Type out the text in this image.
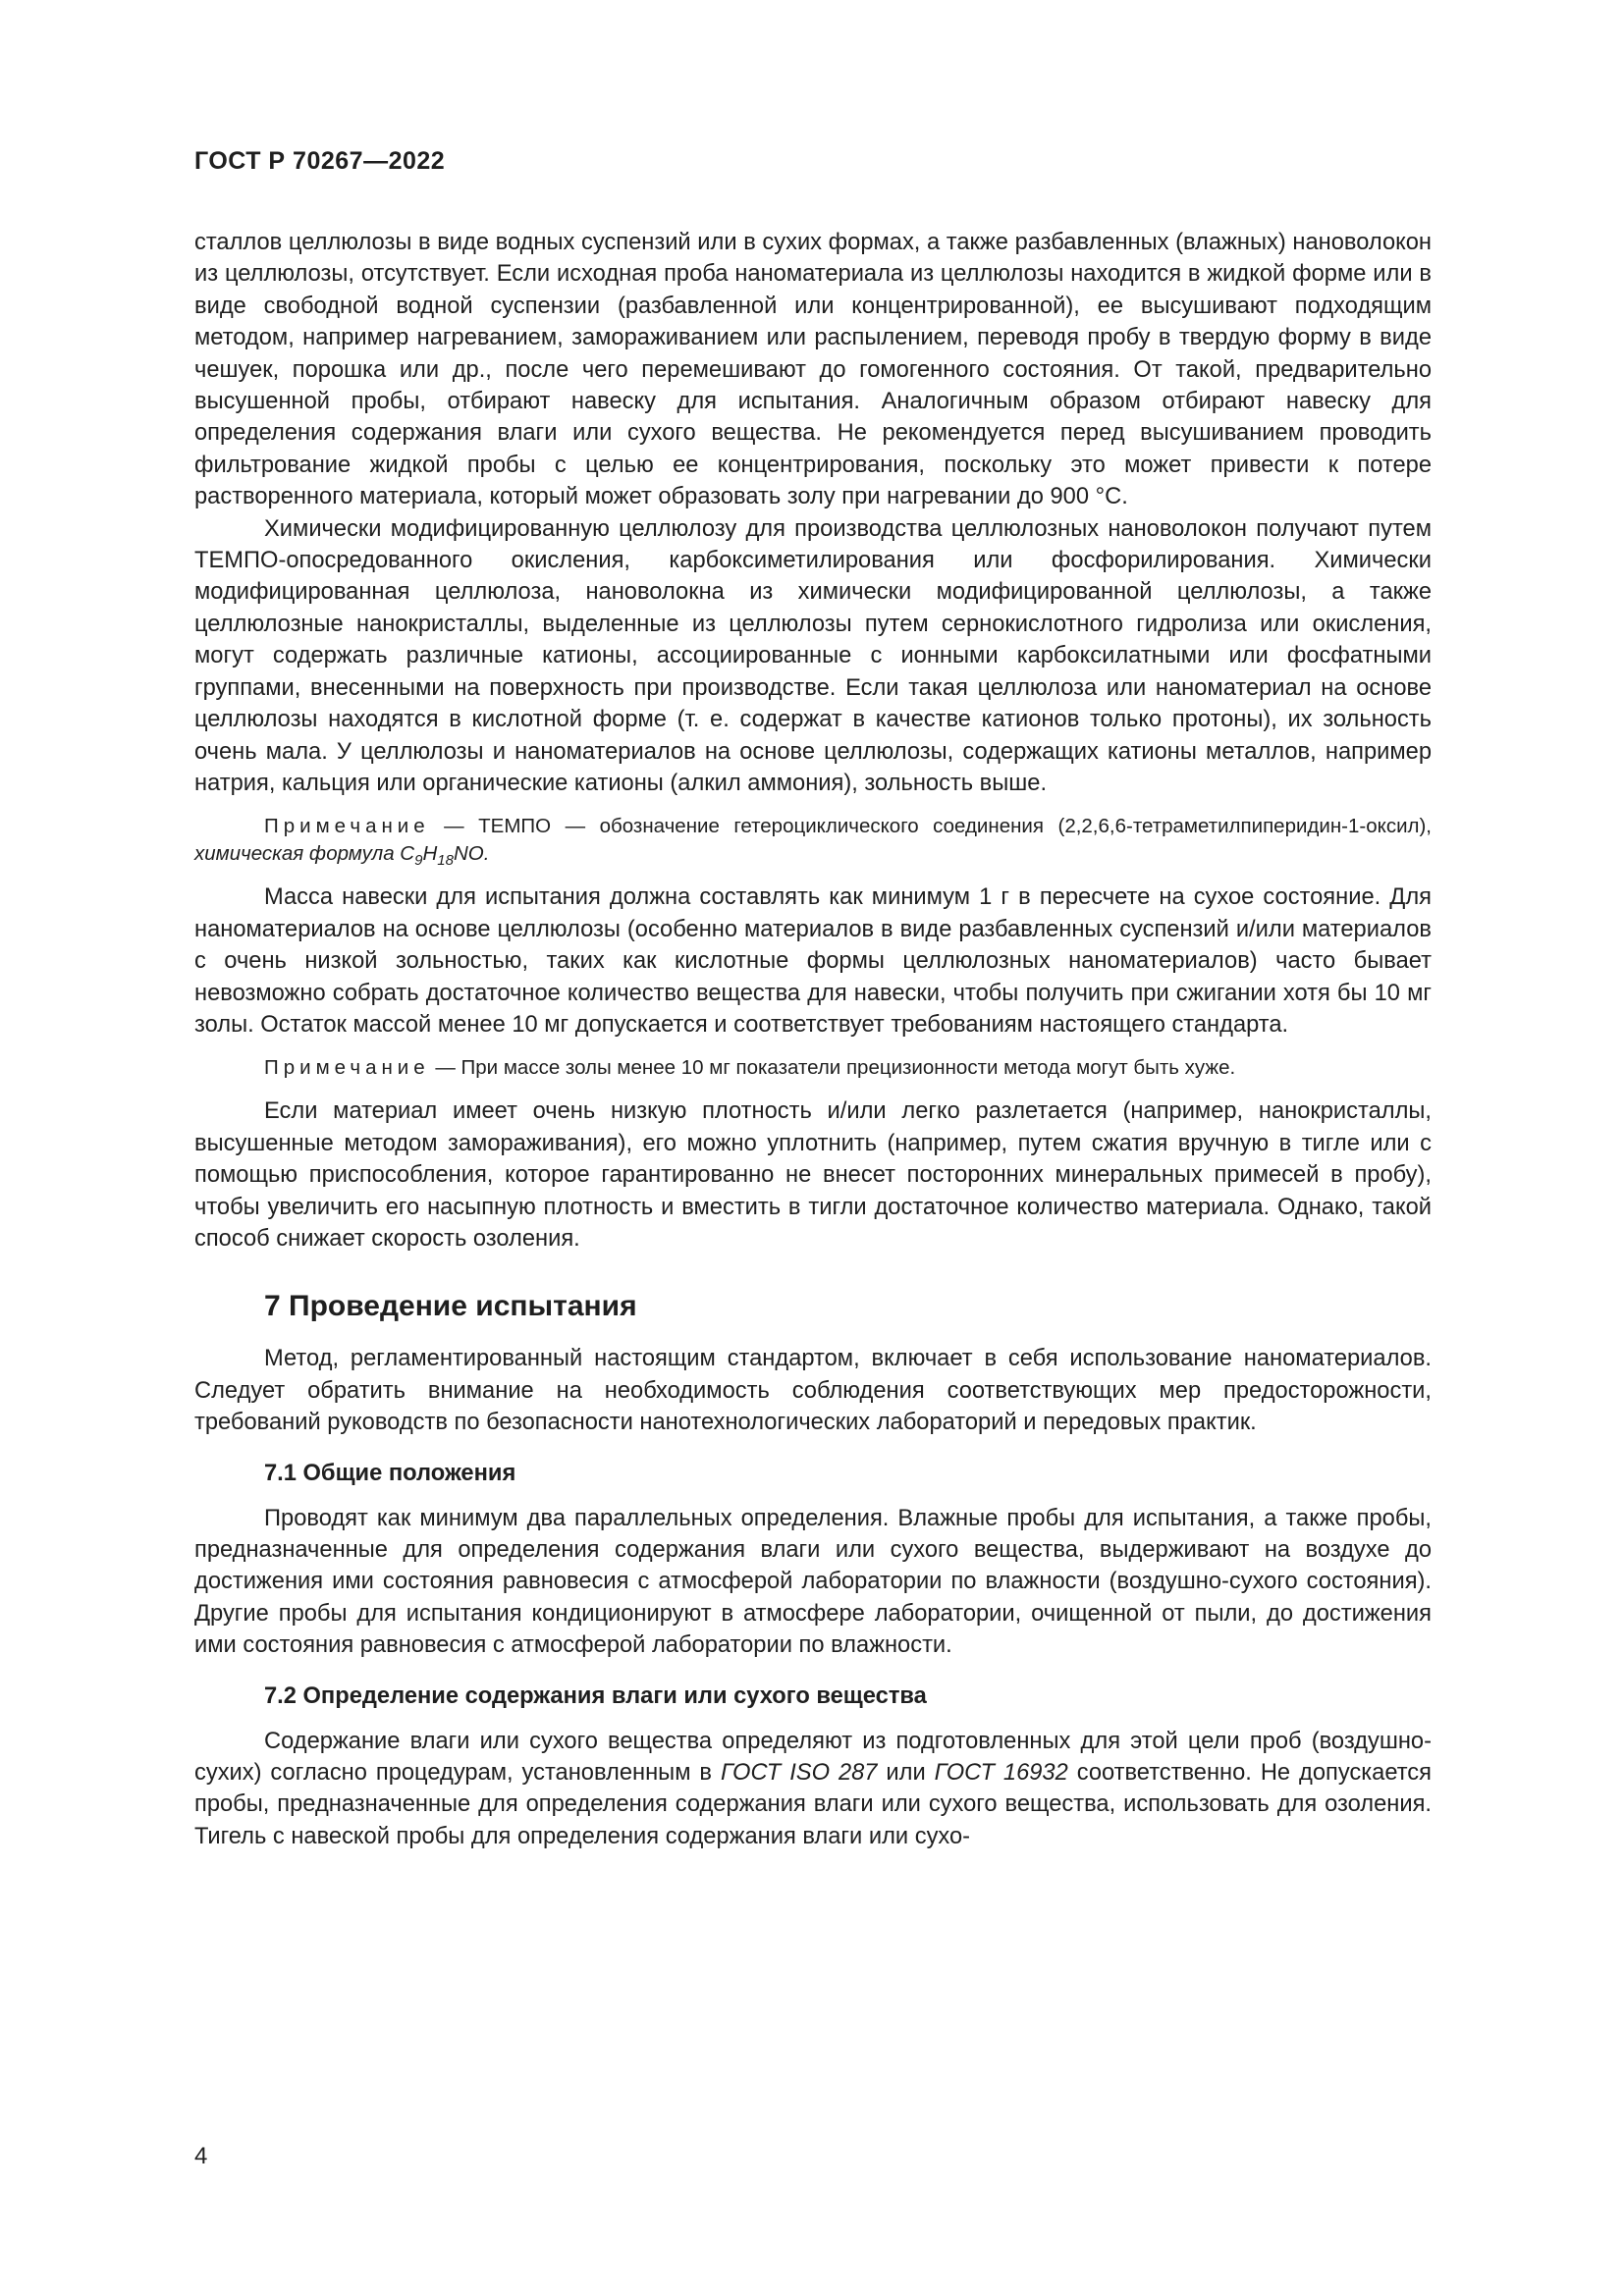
ГОСТ Р 70267—2022

сталлов целлюлозы в виде водных суспензий или в сухих формах, а также разбавленных (влажных) нановолокон из целлюлозы, отсутствует. Если исходная проба наноматериала из целлюлозы находится в жидкой форме или в виде свободной водной суспензии (разбавленной или концентрированной), ее высушивают подходящим методом, например нагреванием, замораживанием или распылением, переводя пробу в твердую форму в виде чешуек, порошка или др., после чего перемешивают до гомогенного состояния. От такой, предварительно высушенной пробы, отбирают навеску для испытания. Аналогичным образом отбирают навеску для определения содержания влаги или сухого вещества. Не рекомендуется перед высушиванием проводить фильтрование жидкой пробы с целью ее концентрирования, поскольку это может привести к потере растворенного материала, который может образовать золу при нагревании до 900 °С.

Химически модифицированную целлюлозу для производства целлюлозных нановолокон получают путем ТЕМПО-опосредованного окисления, карбоксиметилирования или фосфорилирования. Химически модифицированная целлюлоза, нановолокна из химически модифицированной целлюлозы, а также целлюлозные нанокристаллы, выделенные из целлюлозы путем сернокислотного гидролиза или окисления, могут содержать различные катионы, ассоциированные с ионными карбоксилатными или фосфатными группами, внесенными на поверхность при производстве. Если такая целлюлоза или наноматериал на основе целлюлозы находятся в кислотной форме (т. е. содержат в качестве катионов только протоны), их зольность очень мала. У целлюлозы и наноматериалов на основе целлюлозы, содержащих катионы металлов, например натрия, кальция или органические катионы (алкил аммония), зольность выше.

Примечание — ТЕМПО — обозначение гетероциклического соединения (2,2,6,6-тетраметилпиперидин-1-оксил), химическая формула $C_9H_{18}NO$.

Масса навески для испытания должна составлять как минимум 1 г в пересчете на сухое состояние. Для наноматериалов на основе целлюлозы (особенно материалов в виде разбавленных суспензий и/или материалов с очень низкой зольностью, таких как кислотные формы целлюлозных наноматериалов) часто бывает невозможно собрать достаточное количество вещества для навески, чтобы получить при сжигании хотя бы 10 мг золы. Остаток массой менее 10 мг допускается и соответствует требованиям настоящего стандарта.

Примечание — При массе золы менее 10 мг показатели прецизионности метода могут быть хуже.

Если материал имеет очень низкую плотность и/или легко разлетается (например, нанокристаллы, высушенные методом замораживания), его можно уплотнить (например, путем сжатия вручную в тигле или с помощью приспособления, которое гарантированно не внесет посторонних минеральных примесей в пробу), чтобы увеличить его насыпную плотность и вместить в тигли достаточное количество материала. Однако, такой способ снижает скорость озоления.

7 Проведение испытания

Метод, регламентированный настоящим стандартом, включает в себя использование наноматериалов. Следует обратить внимание на необходимость соблюдения соответствующих мер предосторожности, требований руководств по безопасности нанотехнологических лабораторий и передовых практик.

7.1 Общие положения

Проводят как минимум два параллельных определения. Влажные пробы для испытания, а также пробы, предназначенные для определения содержания влаги или сухого вещества, выдерживают на воздухе до достижения ими состояния равновесия с атмосферой лаборатории по влажности (воздушно-сухого состояния). Другие пробы для испытания кондиционируют в атмосфере лаборатории, очищенной от пыли, до достижения ими состояния равновесия с атмосферой лаборатории по влажности.

7.2 Определение содержания влаги или сухого вещества

Содержание влаги или сухого вещества определяют из подготовленных для этой цели проб (воздушно-сухих) согласно процедурам, установленным в ГОСТ ISO 287 или ГОСТ 16932 соответственно. Не допускается пробы, предназначенные для определения содержания влаги или сухого вещества, использовать для озоления. Тигель с навеской пробы для определения содержания влаги или сухо-

4
